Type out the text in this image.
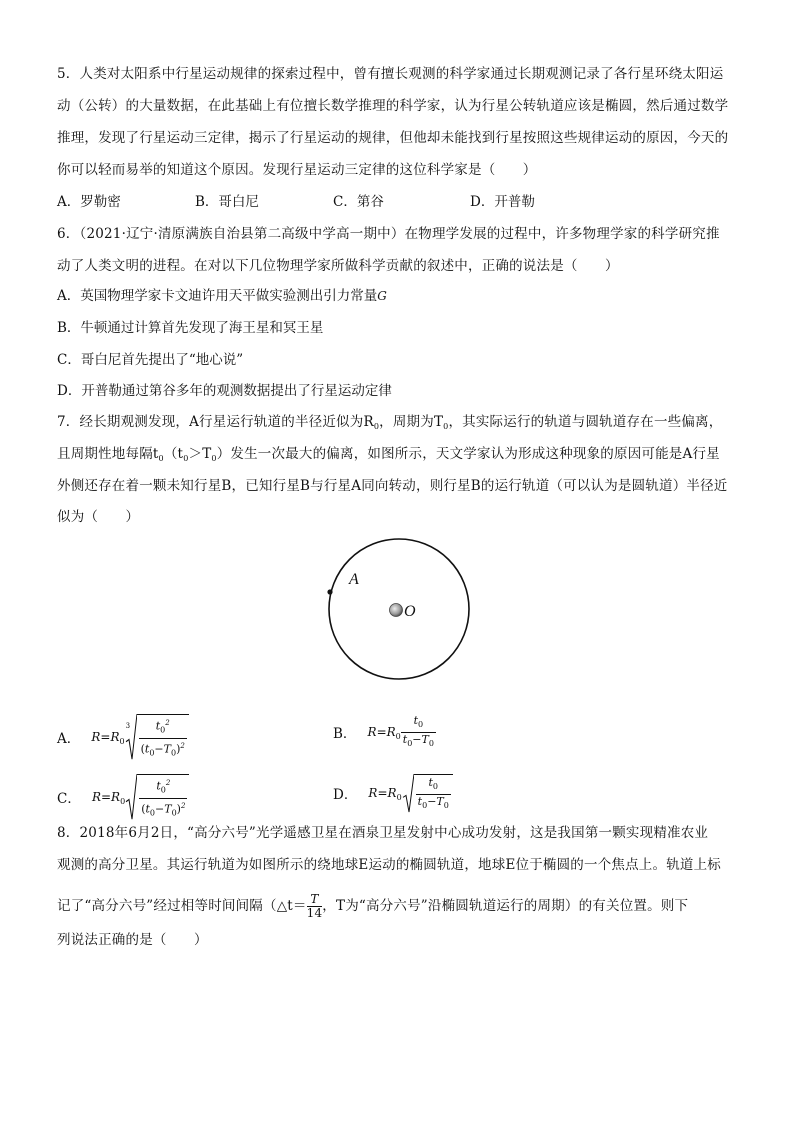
5．人类对太阳系中行星运动规律的探索过程中，曾有擅长观测的科学家通过长期观测记录了各行星环绕太阳运
动（公转）的大量数据，在此基础上有位擅长数学推理的科学家，认为行星公转轨道应该是椭圆，然后通过数学
推理，发现了行星运动三定律，揭示了行星运动的规律，但他却未能找到行星按照这些规律运动的原因，今天的
你可以轻而易举的知道这个原因。发现行星运动三定律的这位科学家是（　　）
A．罗勒密	B．哥白尼	C．第谷	D．开普勒
6．（2021·辽宁·清原满族自治县第二高级中学高一期中）在物理学发展的过程中，许多物理学家的科学研究推
动了人类文明的进程。在对以下几位物理学家所做科学贡献的叙述中，正确的说法是（　　）
A．英国物理学家卡文迪许用天平做实验测出引力常量G
B．牛顿通过计算首先发现了海王星和冥王星
C．哥白尼首先提出了“地心说”
D．开普勒通过第谷多年的观测数据提出了行星运动定律
7．经长期观测发现，A行星运行轨道的半径近似为$R_0$，周期为$T_0$，其实际运行的轨道与圆轨道存在一些偏离，
且周期性地每隔$t_0(t_0>T_0)$发生一次最大的偏离，如图所示，天文学家认为形成这种现象的原因可能是A行星
外侧还存在着一颗未知行星B，已知行星B与行星A同向转动，则行星B的运行轨道（可以认为是圆轨道）半径近
似为（　　）
A
O
$_{A.}$ $_{R=R_0 3 \frac{t_0^2}{(t_0-T_0)^2}}$	$_{B.}$ $_{R=R_0 \frac{t_0}{t_0-T_0}}$
$_{C.}$ $_{R=R_0 \frac{t_0^2}{(t_0-T_0)^2}}$	$_{D.}$ $_{R=R_0 \frac{t_0}{t_0-T_0}}$
8．2018年6月2日，“高分六号”光学遥感卫星在酒泉卫星发射中心成功发射，这是我国第一颗实现精准农业
观测的高分卫星。其运行轨道为如图所示的绕地球E运动的椭圆轨道，地球E位于椭圆的一个焦点上。轨道上标
记了“高分六号”经过相等时间间隔（△t＝ $\frac{T}{14}$ ，T为“高分六号”沿椭圆轨道运行的周期）的有关位置。则下
列说法正确的是（　　）
